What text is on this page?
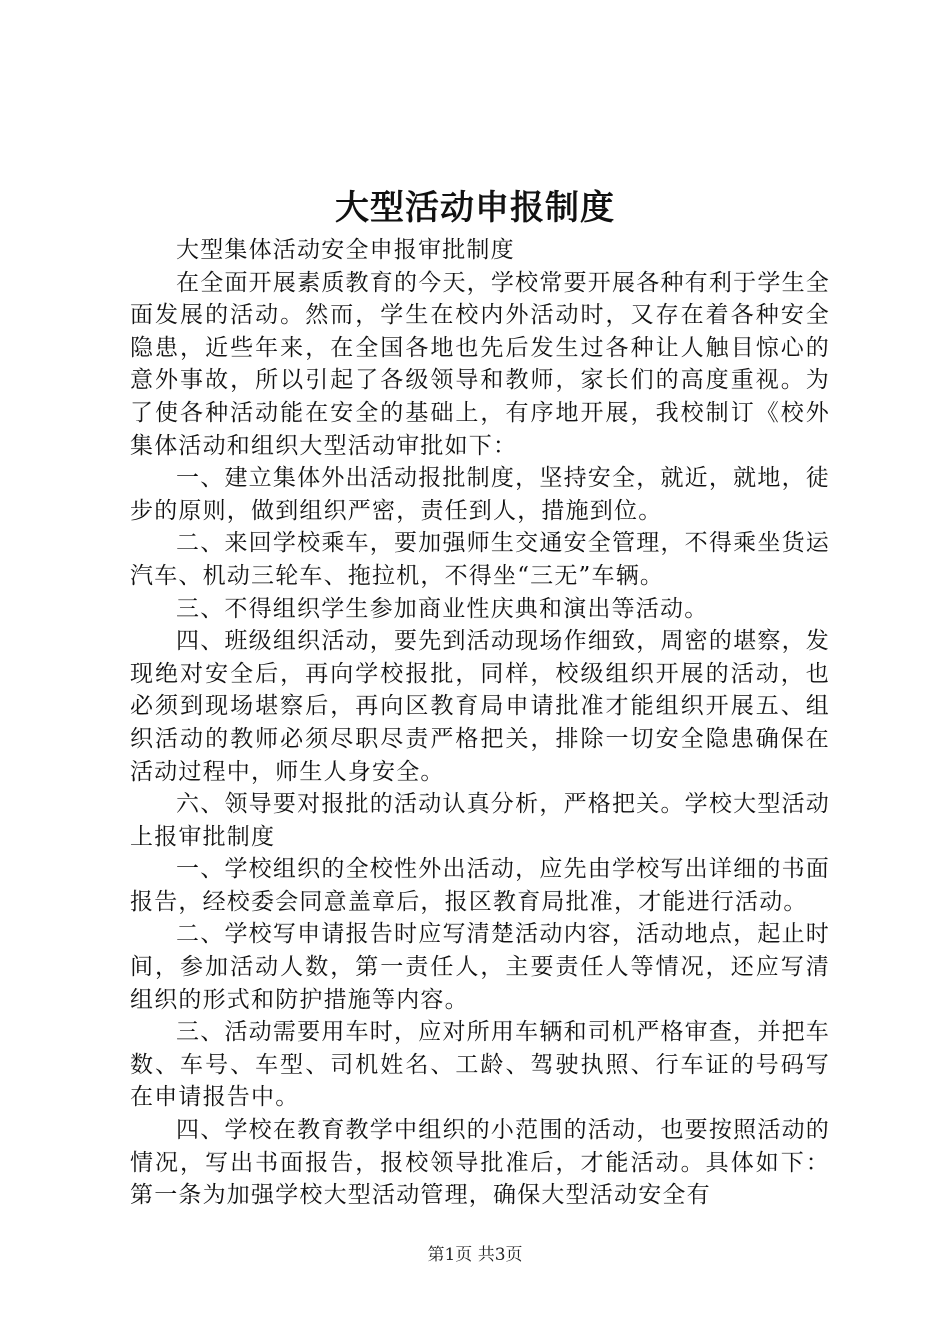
大型活动申报制度

大型集体活动安全申报审批制度

在全面开展素质教育的今天，学校常要开展各种有利于学生全面发展的活动。然而，学生在校内外活动时，又存在着各种安全隐患，近些年来，在全国各地也先后发生过各种让人触目惊心的意外事故，所以引起了各级领导和教师，家长们的高度重视。为了使各种活动能在安全的基础上，有序地开展，我校制订《校外集体活动和组织大型活动审批如下：

一、建立集体外出活动报批制度，坚持安全，就近，就地，徒步的原则，做到组织严密，责任到人，措施到位。

二、来回学校乘车，要加强师生交通安全管理，不得乘坐货运汽车、机动三轮车、拖拉机，不得坐“三无”车辆。

三、不得组织学生参加商业性庆典和演出等活动。

四、班级组织活动，要先到活动现场作细致，周密的堪察，发现绝对安全后，再向学校报批，同样，校级组织开展的活动，也必须到现场堪察后，再向区教育局申请批准才能组织开展五、组织活动的教师必须尽职尽责严格把关，排除一切安全隐患确保在活动过程中，师生人身安全。

六、领导要对报批的活动认真分析，严格把关。学校大型活动上报审批制度

一、学校组织的全校性外出活动，应先由学校写出详细的书面报告，经校委会同意盖章后，报区教育局批准，才能进行活动。

二、学校写申请报告时应写清楚活动内容，活动地点，起止时间，参加活动人数，第一责任人，主要责任人等情况，还应写清组织的形式和防护措施等内容。

三、活动需要用车时，应对所用车辆和司机严格审查，并把车数、车号、车型、司机姓名、工龄、驾驶执照、行车证的号码写在申请报告中。

四、学校在教育教学中组织的小范围的活动，也要按照活动的情况，写出书面报告，报校领导批准后，才能活动。具体如下：第一条为加强学校大型活动管理，确保大型活动安全有

第1页 共3页
